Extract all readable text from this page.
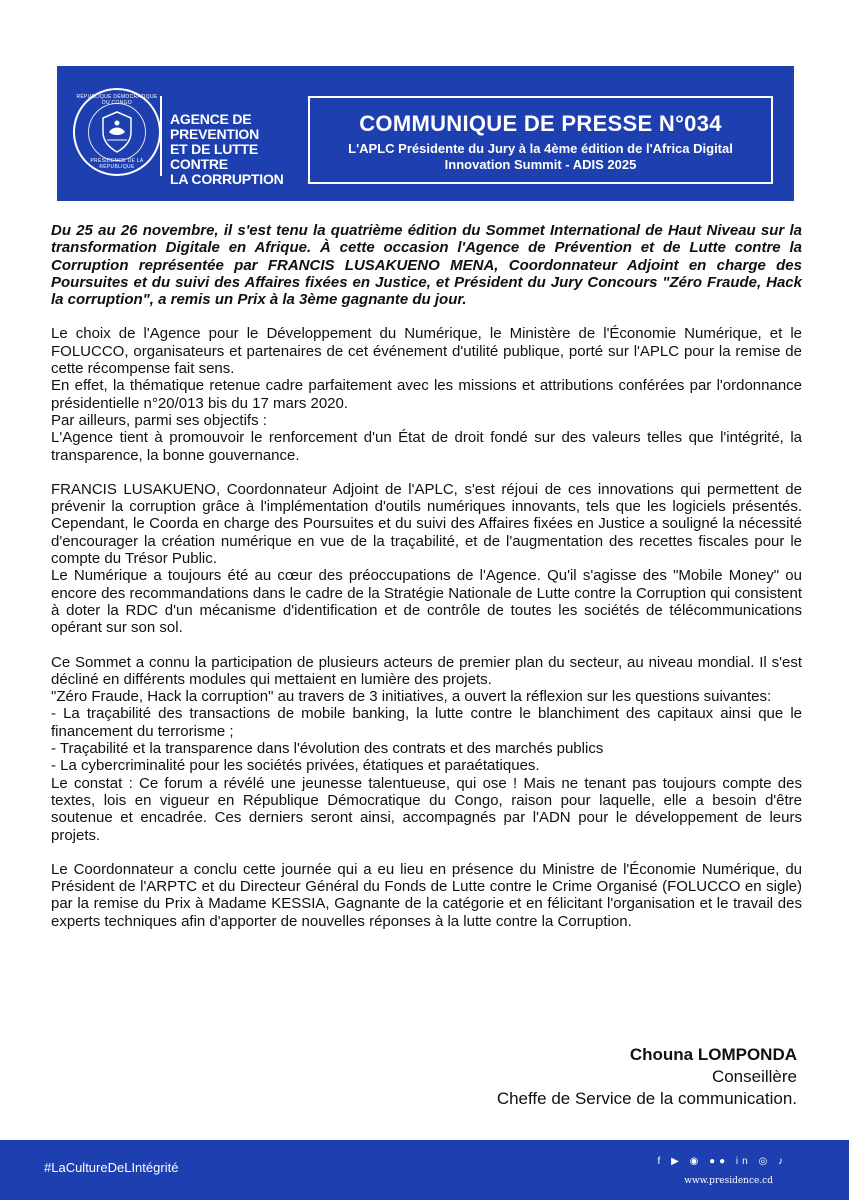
RÉPUBLIQUE DÉMOCRATIQUE DU CONGO
PRÉSIDENCE DE LA RÉPUBLIQUE
AGENCE DE PREVENTION
ET DE LUTTE CONTRE
LA CORRUPTION
COMMUNIQUE DE PRESSE N°034
L'APLC Présidente du Jury à la 4ème édition de l'Africa Digital Innovation Summit - ADIS 2025

Du 25 au 26 novembre, il s'est tenu la quatrième édition du Sommet International de Haut Niveau sur la transformation Digitale en Afrique. À cette occasion l'Agence de Prévention et de Lutte contre la Corruption représentée par FRANCIS LUSAKUENO MENA, Coordonnateur Adjoint en charge des Poursuites et du suivi des Affaires fixées en Justice, et Président du Jury Concours "Zéro Fraude, Hack la corruption", a remis un Prix à la 3ème gagnante du jour.

Le choix de l'Agence pour le Développement du Numérique, le Ministère de l'Économie Numérique, et le FOLUCCO, organisateurs et partenaires de cet événement d'utilité publique, porté sur l'APLC pour la remise de cette récompense fait sens.

En effet, la thématique retenue cadre parfaitement avec les missions et attributions conférées par l'ordonnance présidentielle n°20/013 bis du 17 mars 2020.

Par ailleurs, parmi ses objectifs :

L'Agence tient à promouvoir le renforcement d'un État de droit fondé sur des valeurs telles que l'intégrité, la transparence, la bonne gouvernance.

FRANCIS LUSAKUENO, Coordonnateur Adjoint de l'APLC, s'est réjoui de ces innovations qui permettent de prévenir la corruption grâce à l'implémentation d'outils numériques innovants, tels que les logiciels présentés. Cependant, le Coorda en charge des Poursuites et du suivi des Affaires fixées en Justice a souligné la nécessité d'encourager la création numérique en vue de la traçabilité, et de l'augmentation des recettes fiscales pour le compte du Trésor Public.

Le Numérique a toujours été au cœur des préoccupations de l'Agence. Qu'il s'agisse des "Mobile Money" ou encore des recommandations dans le cadre de la Stratégie Nationale de Lutte contre la Corruption qui consistent à doter la RDC d'un mécanisme d'identification et de contrôle de toutes les sociétés de télécommunications opérant sur son sol.

Ce Sommet a connu la participation de plusieurs acteurs de premier plan du secteur, au niveau mondial. Il s'est décliné en différents modules qui mettaient en lumière des projets.

"Zéro Fraude, Hack la corruption" au travers de 3 initiatives, a ouvert la réflexion sur les questions suivantes:

- La traçabilité des transactions de mobile banking, la lutte contre le blanchiment des capitaux ainsi que le financement du terrorisme ;

- Traçabilité et la transparence dans l'évolution des contrats et des marchés publics

- La cybercriminalité pour les sociétés privées, étatiques et paraétatiques.

Le constat : Ce forum a révélé une jeunesse talentueuse, qui ose ! Mais ne tenant pas toujours compte des textes, lois en vigueur en République Démocratique du Congo, raison pour laquelle, elle a besoin d'être soutenue et encadrée. Ces derniers seront ainsi, accompagnés par l'ADN pour le développement de leurs projets.

Le Coordonnateur a conclu cette journée qui a eu lieu en présence du Ministre de l'Économie Numérique, du Président de l'ARPTC et du Directeur Général du Fonds de Lutte contre le Crime Organisé (FOLUCCO en sigle) par la remise du Prix à Madame KESSIA, Gagnante de la catégorie et en félicitant l'organisation et le travail des experts techniques afin d'apporter de nouvelles réponses à la lutte contre la Corruption.

Chouna LOMPONDA
Conseillère
Cheffe de Service de la communication.
#LaCultureDeLIntégrité	f ▶ ◉ ●● in ◎ ♪
www.presidence.cd
